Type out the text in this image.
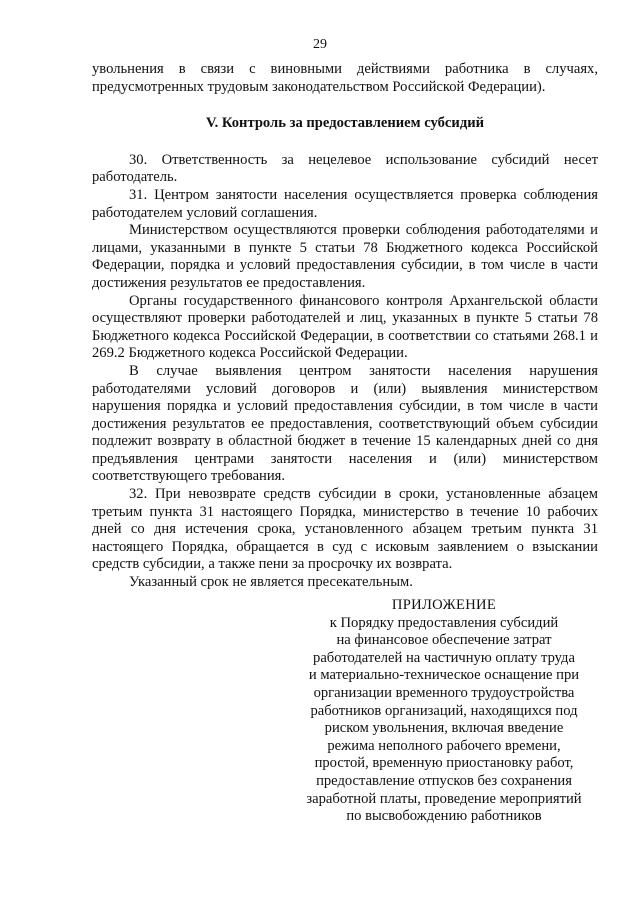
29

увольнения в связи с виновными действиями работника в случаях, предусмотренных трудовым законодательством Российской Федерации).

V. Контроль за предоставлением субсидий

30. Ответственность за нецелевое использование субсидий несет работодатель.

31. Центром занятости населения осуществляется проверка соблюдения работодателем условий соглашения.

Министерством осуществляются проверки соблюдения работодателями и лицами, указанными в пункте 5 статьи 78 Бюджетного кодекса Российской Федерации, порядка и условий предоставления субсидии, в том числе в части достижения результатов ее предоставления.

Органы государственного финансового контроля Архангельской области осуществляют проверки работодателей и лиц, указанных в пункте 5 статьи 78 Бюджетного кодекса Российской Федерации, в соответствии со статьями 268.1 и 269.2 Бюджетного кодекса Российской Федерации.

В случае выявления центром занятости населения нарушения работодателями условий договоров и (или) выявления министерством нарушения порядка и условий предоставления субсидии, в том числе в части достижения результатов ее предоставления, соответствующий объем субсидии подлежит возврату в областной бюджет в течение 15 календарных дней со дня предъявления центрами занятости населения и (или) министерством соответствующего требования.

32. При невозврате средств субсидии в сроки, установленные абзацем третьим пункта 31 настоящего Порядка, министерство в течение 10 рабочих дней со дня истечения срока, установленного абзацем третьим пункта 31 настоящего Порядка, обращается в суд с исковым заявлением о взыскании средств субсидии, а также пени за просрочку их возврата.

Указанный срок не является пресекательным.

ПРИЛОЖЕНИЕ
к Порядку предоставления субсидий
на финансовое обеспечение затрат
работодателей на частичную оплату труда
и материально-техническое оснащение при
организации временного трудоустройства
работников организаций, находящихся под
риском увольнения, включая введение
режима неполного рабочего времени,
простой, временную приостановку работ,
предоставление отпусков без сохранения
заработной платы, проведение мероприятий
по высвобождению работников
